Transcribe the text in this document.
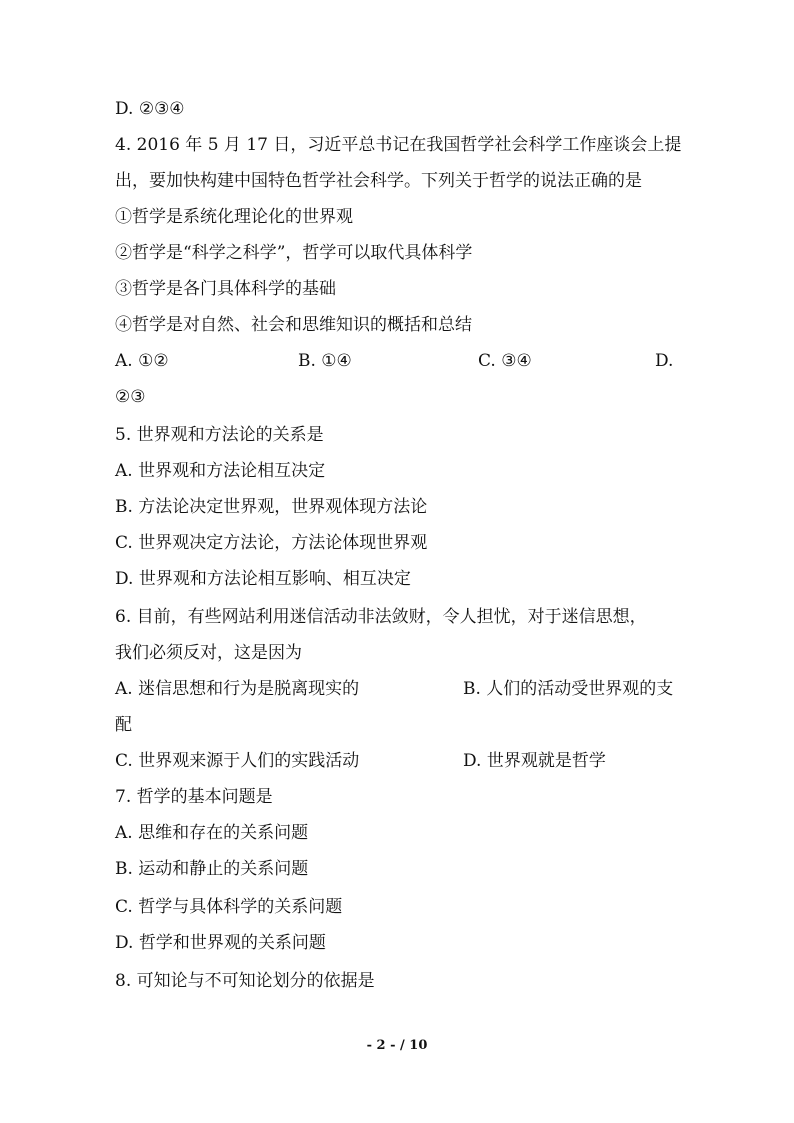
D. ②③④
4. 2016 年 5 月 17 日，习近平总书记在我国哲学社会科学工作座谈会上提
出，要加快构建中国特色哲学社会科学。下列关于哲学的说法正确的是
①哲学是系统化理论化的世界观
②哲学是“科学之科学”，哲学可以取代具体科学
③哲学是各门具体科学的基础
④哲学是对自然、社会和思维知识的概括和总结
A. ①②	B. ①④	C. ③④	D.
②③
5. 世界观和方法论的关系是
A. 世界观和方法论相互决定
B. 方法论决定世界观，世界观体现方法论
C. 世界观决定方法论，方法论体现世界观
D. 世界观和方法论相互影响、相互决定
6. 目前，有些网站利用迷信活动非法敛财，令人担忧，对于迷信思想，
我们必须反对，这是因为
A. 迷信思想和行为是脱离现实的	B. 人们的活动受世界观的支
配
C. 世界观来源于人们的实践活动	D. 世界观就是哲学
7. 哲学的基本问题是
A. 思维和存在的关系问题
B. 运动和静止的关系问题
C. 哲学与具体科学的关系问题
D. 哲学和世界观的关系问题
8. 可知论与不可知论划分的依据是
- 2 - / 10
